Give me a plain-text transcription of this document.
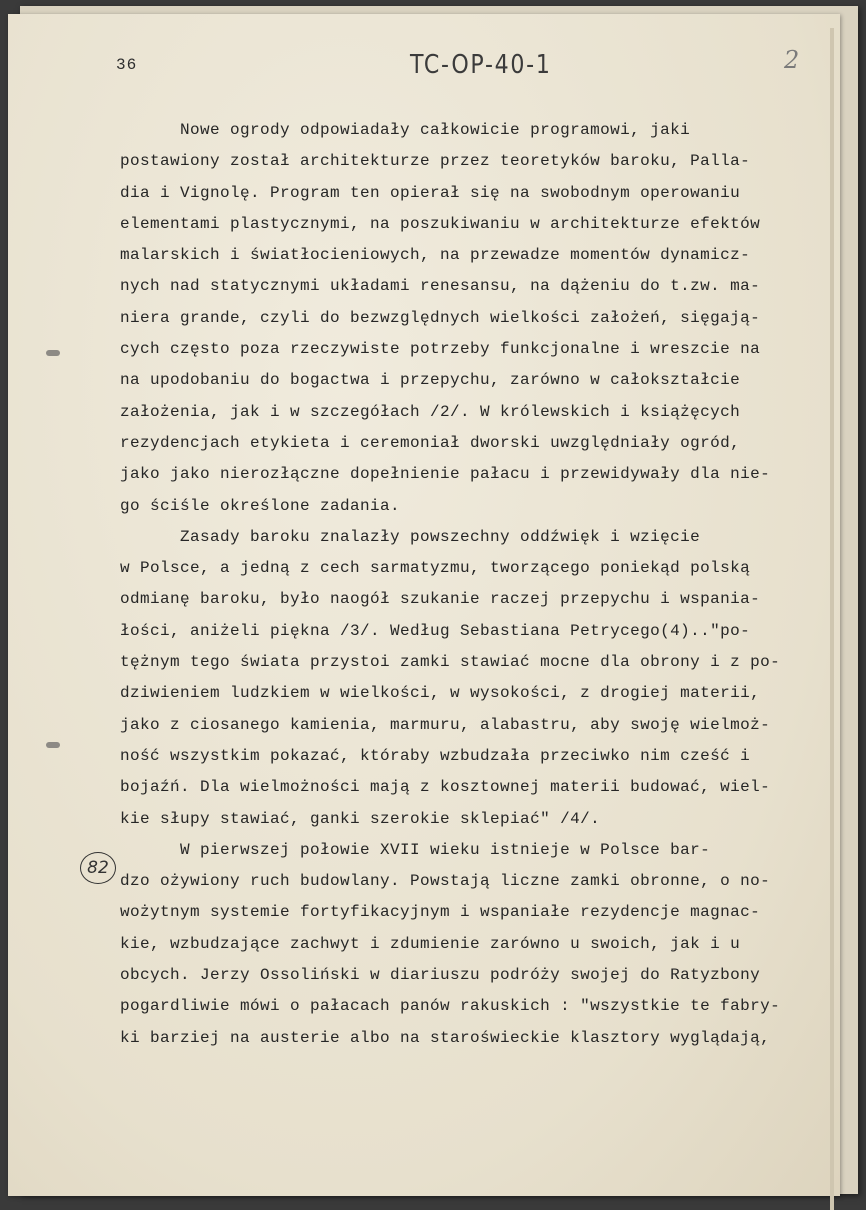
36	TC-OP-40-1	2
82
Nowe ogrody odpowiadały całkowicie programowi, jaki
postawiony został architekturze przez teoretyków baroku, Palla-
dia i Vignolę. Program ten opierał się na swobodnym operowaniu
elementami plastycznymi, na poszukiwaniu w architekturze efektów
malarskich i światłocieniowych, na przewadze momentów dynamicz-
nych nad statycznymi układami renesansu, na dążeniu do t.zw. ma-
niera grande, czyli do bezwzględnych wielkości założeń, sięgają-
cych często poza rzeczywiste potrzeby funkcjonalne i wreszcie na
na upodobaniu do bogactwa i przepychu, zarówno w całokształcie
założenia, jak i w szczegółach /2/. W królewskich i książęcych
rezydencjach etykieta i ceremoniał dworski uwzględniały ogród,
jako jako nierozłączne dopełnienie pałacu i przewidywały dla nie-
go ściśle określone zadania.
Zasady baroku znalazły powszechny oddźwięk i wzięcie
w Polsce, a jedną z cech sarmatyzmu, tworzącego poniekąd polską
odmianę baroku, było naogół szukanie raczej przepychu i wspania-
łości, aniżeli piękna /3/. Według Sebastiana Petrycego(4).."po-
tężnym tego świata przystoi zamki stawiać mocne dla obrony i z po-
dziwieniem ludzkiem w wielkości, w wysokości, z drogiej materii,
jako z ciosanego kamienia, marmuru, alabastru, aby swoję wielmoż-
ność wszystkim pokazać, któraby wzbudzała przeciwko nim cześć i
bojaźń. Dla wielmożności mają z kosztownej materii budować, wiel-
kie słupy stawiać, ganki szerokie sklepiać" /4/.
W pierwszej połowie XVII wieku istnieje w Polsce bar-
dzo ożywiony ruch budowlany. Powstają liczne zamki obronne, o no-
wożytnym systemie fortyfikacyjnym i wspaniałe rezydencje magnac-
kie, wzbudzające zachwyt i zdumienie zarówno u swoich, jak i u
obcych. Jerzy Ossoliński w diariuszu podróży swojej do Ratyzbony
pogardliwie mówi o pałacach panów rakuskich : "wszystkie te fabry-
ki barziej na austerie albo na staroświeckie klasztory wyglądają,
